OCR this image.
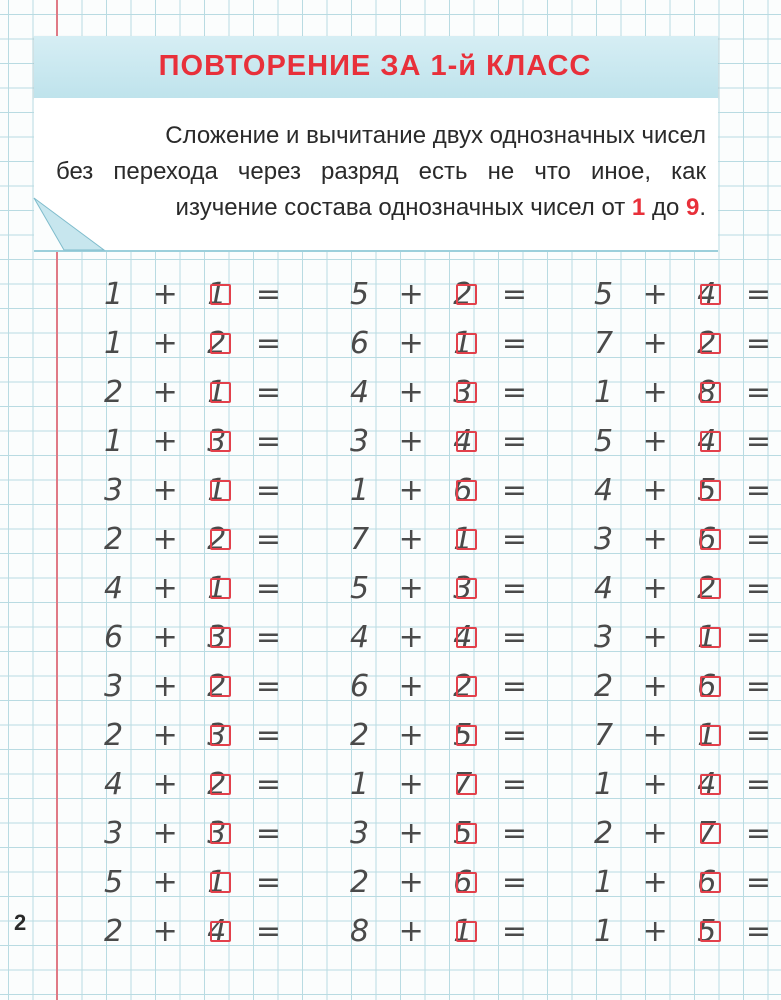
ПОВТОРЕНИЕ ЗА 1-й КЛАСС
Сложение и вычитание двух однозначных чисел
без перехода через разряд есть не что иное, как
изучение состава однозначных чисел от 1 до 9.
1 + 1 =
1 + 2 =
2 + 1 =
1 + 3 =
3 + 1 =
2 + 2 =
4 + 1 =
6 + 3 =
3 + 2 =
2 + 3 =
4 + 2 =
3 + 3 =
5 + 1 =
2 + 4 =
5 + 2 =
6 + 1 =
4 + 3 =
3 + 4 =
1 + 6 =
7 + 1 =
5 + 3 =
4 + 4 =
6 + 2 =
2 + 5 =
1 + 7 =
3 + 5 =
2 + 6 =
8 + 1 =
5 + 4 =
7 + 2 =
1 + 8 =
5 + 4 =
4 + 5 =
3 + 6 =
4 + 2 =
3 + 1 =
2 + 6 =
7 + 1 =
1 + 4 =
2 + 7 =
1 + 6 =
1 + 5 =
2
